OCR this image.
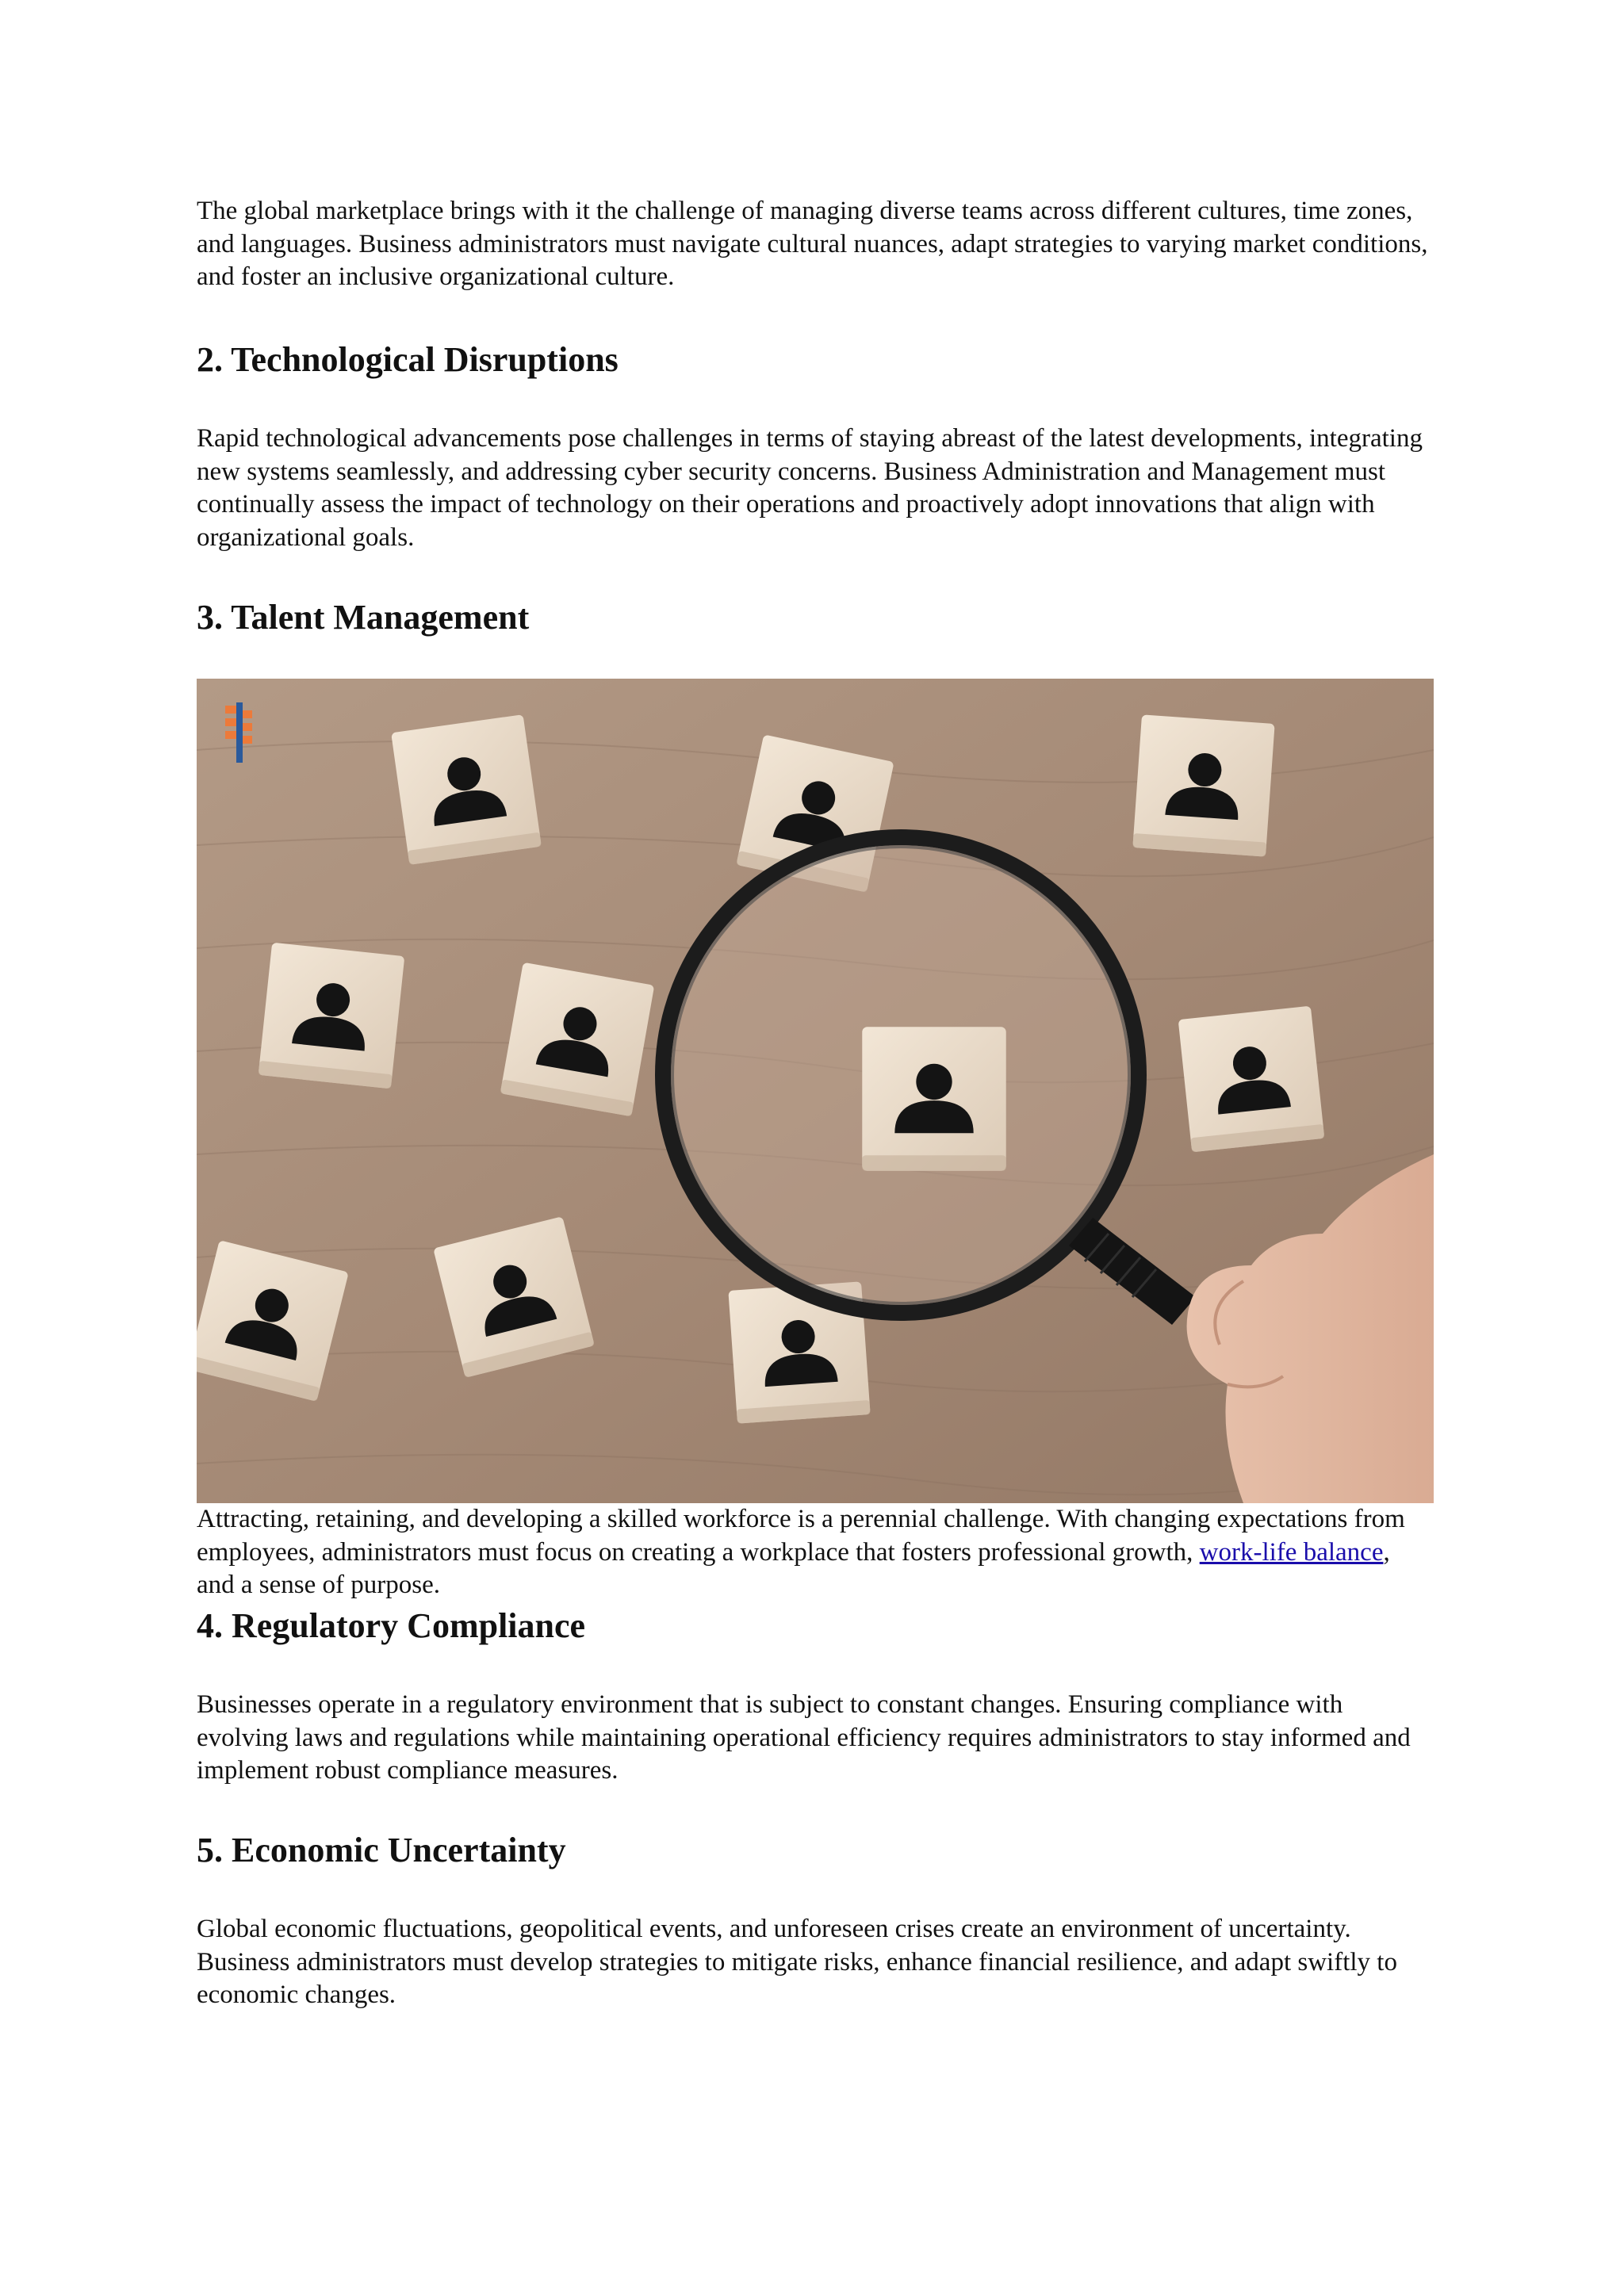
The global marketplace brings with it the challenge of managing diverse teams across different cultures, time zones, and languages. Business administrators must navigate cultural nuances, adapt strategies to varying market conditions, and foster an inclusive organizational culture.

2. Technological Disruptions

Rapid technological advancements pose challenges in terms of staying abreast of the latest developments, integrating new systems seamlessly, and addressing cyber security concerns. Business Administration and Management must continually assess the impact of technology on their operations and proactively adopt innovations that align with organizational goals.

3. Talent Management

Attracting, retaining, and developing a skilled workforce is a perennial challenge. With changing expectations from employees, administrators must focus on creating a workplace that fosters professional growth, work-life balance, and a sense of purpose.

4. Regulatory Compliance

Businesses operate in a regulatory environment that is subject to constant changes. Ensuring compliance with evolving laws and regulations while maintaining operational efficiency requires administrators to stay informed and implement robust compliance measures.

5. Economic Uncertainty

Global economic fluctuations, geopolitical events, and unforeseen crises create an environment of uncertainty. Business administrators must develop strategies to mitigate risks, enhance financial resilience, and adapt swiftly to economic changes.
